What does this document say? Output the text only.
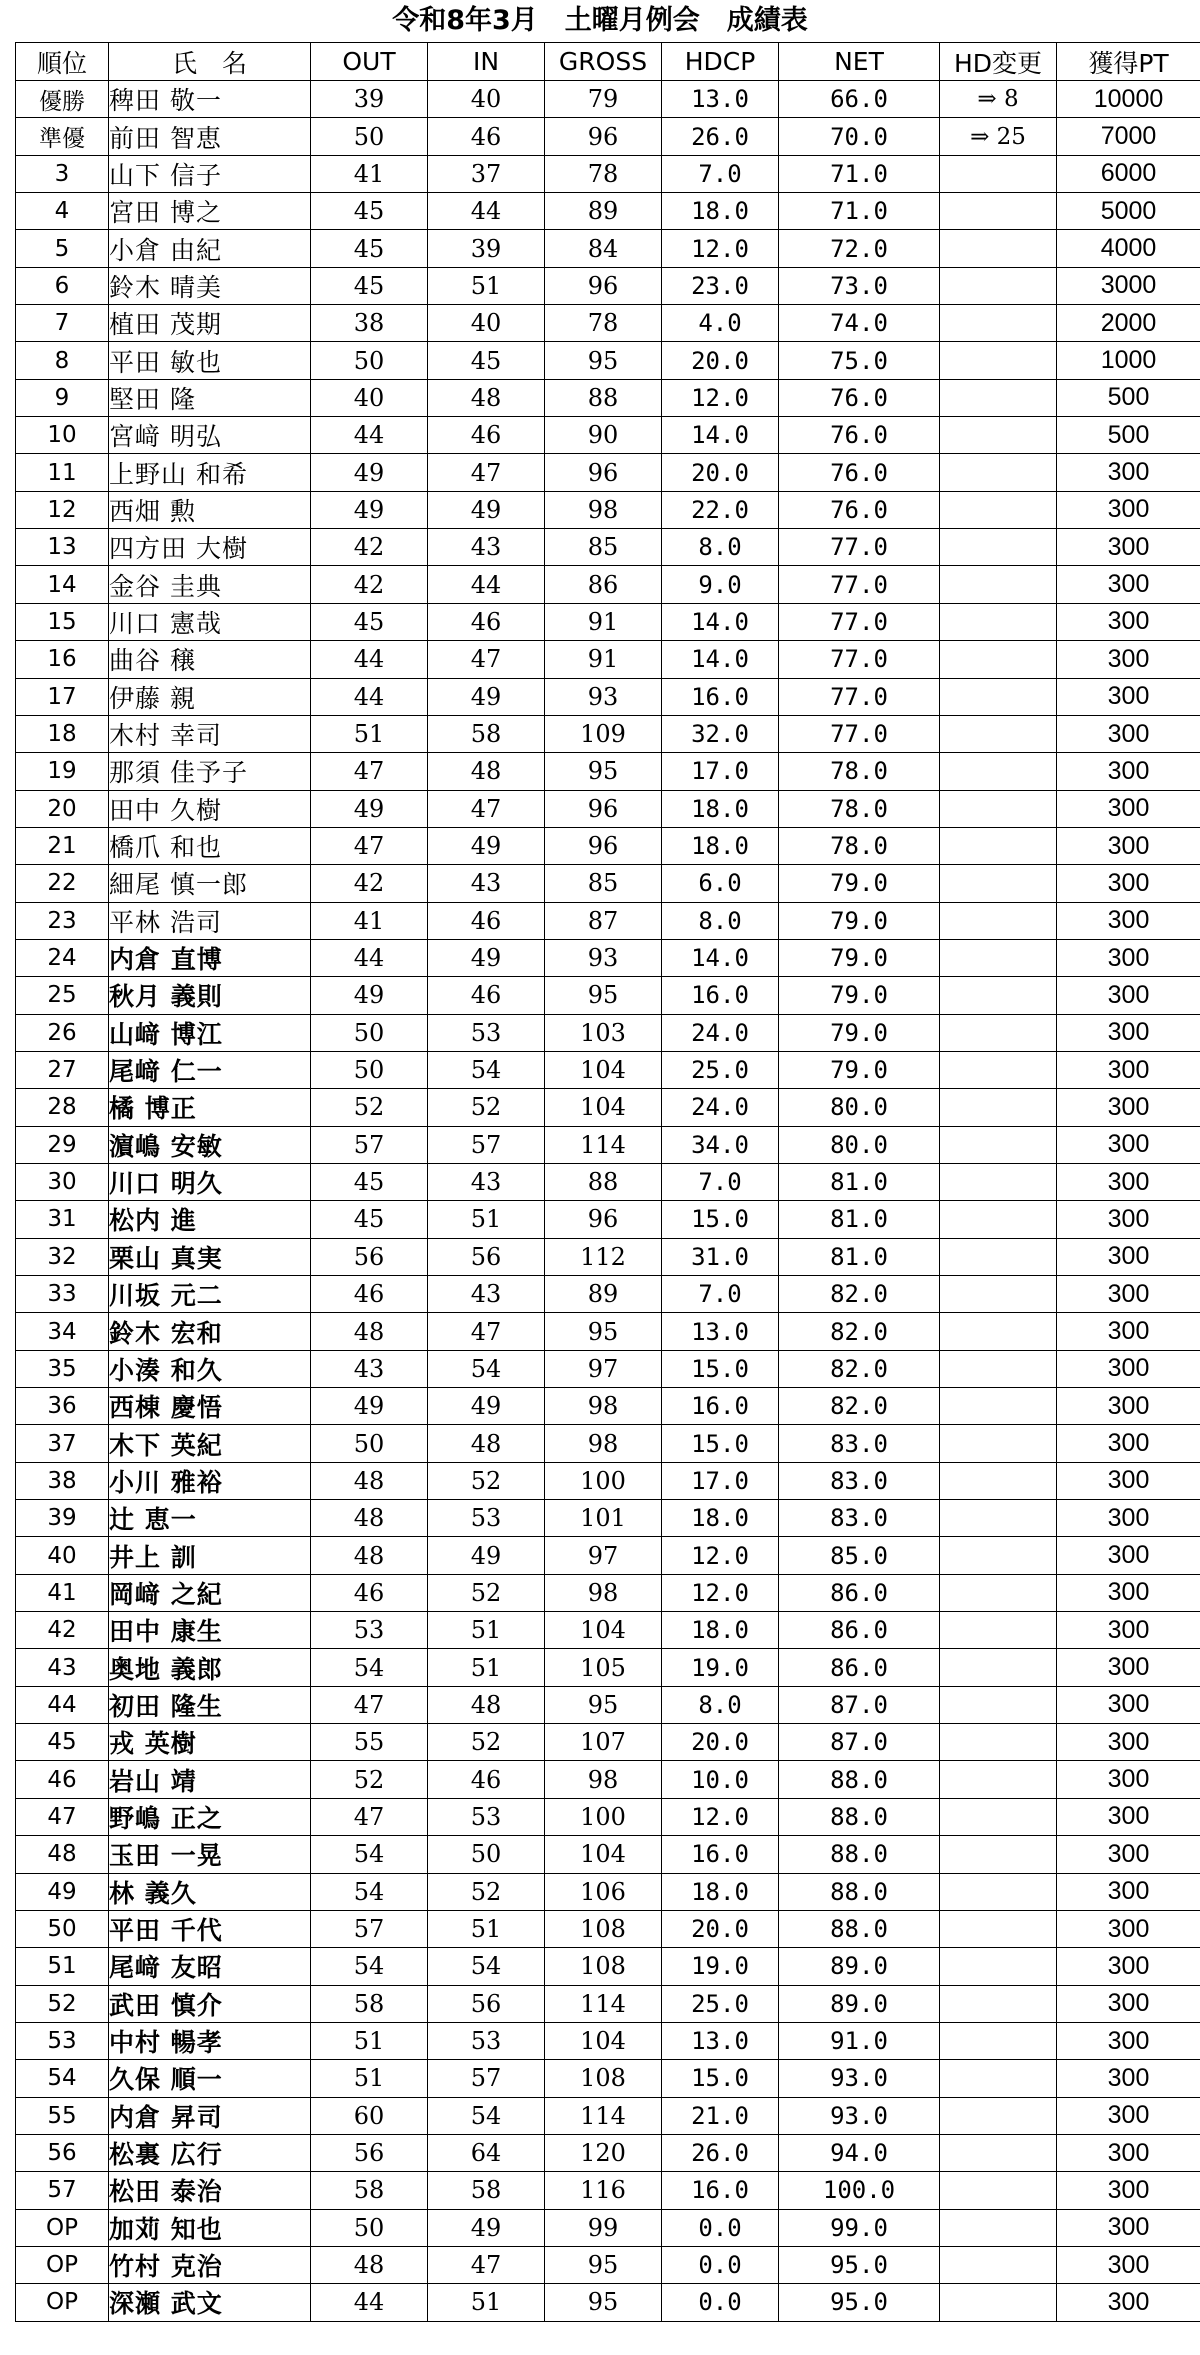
令和8年3月　土曜月例会　成績表
順位	氏　名	OUT	IN	GROSS	HDCP	NET	HD変更	獲得PT
優勝	稗田 敬一	39	40	79	13.0	66.0	⇒ 8	10000
準優	前田 智恵	50	46	96	26.0	70.0	⇒ 25	7000
3	山下 信子	41	37	78	7.0	71.0		6000
4	宮田 博之	45	44	89	18.0	71.0		5000
5	小倉 由紀	45	39	84	12.0	72.0		4000
6	鈴木 晴美	45	51	96	23.0	73.0		3000
7	植田 茂期	38	40	78	4.0	74.0		2000
8	平田 敏也	50	45	95	20.0	75.0		1000
9	堅田 隆	40	48	88	12.0	76.0		500
10	宮﨑 明弘	44	46	90	14.0	76.0		500
11	上野山 和希	49	47	96	20.0	76.0		300
12	西畑 勲	49	49	98	22.0	76.0		300
13	四方田 大樹	42	43	85	8.0	77.0		300
14	金谷 圭典	42	44	86	9.0	77.0		300
15	川口 憲哉	45	46	91	14.0	77.0		300
16	曲谷 穣	44	47	91	14.0	77.0		300
17	伊藤 親	44	49	93	16.0	77.0		300
18	木村 幸司	51	58	109	32.0	77.0		300
19	那須 佳予子	47	48	95	17.0	78.0		300
20	田中 久樹	49	47	96	18.0	78.0		300
21	橋爪 和也	47	49	96	18.0	78.0		300
22	細尾 慎一郎	42	43	85	6.0	79.0		300
23	平林 浩司	41	46	87	8.0	79.0		300
24	内倉 直博	44	49	93	14.0	79.0		300
25	秋月 義則	49	46	95	16.0	79.0		300
26	山﨑 博江	50	53	103	24.0	79.0		300
27	尾﨑 仁一	50	54	104	25.0	79.0		300
28	橘 博正	52	52	104	24.0	80.0		300
29	濵嶋 安敏	57	57	114	34.0	80.0		300
30	川口 明久	45	43	88	7.0	81.0		300
31	松内 進	45	51	96	15.0	81.0		300
32	栗山 真実	56	56	112	31.0	81.0		300
33	川坂 元二	46	43	89	7.0	82.0		300
34	鈴木 宏和	48	47	95	13.0	82.0		300
35	小湊 和久	43	54	97	15.0	82.0		300
36	西棟 慶悟	49	49	98	16.0	82.0		300
37	木下 英紀	50	48	98	15.0	83.0		300
38	小川 雅裕	48	52	100	17.0	83.0		300
39	辻 恵一	48	53	101	18.0	83.0		300
40	井上 訓	48	49	97	12.0	85.0		300
41	岡﨑 之紀	46	52	98	12.0	86.0		300
42	田中 康生	53	51	104	18.0	86.0		300
43	奥地 義郎	54	51	105	19.0	86.0		300
44	初田 隆生	47	48	95	8.0	87.0		300
45	戎 英樹	55	52	107	20.0	87.0		300
46	岩山 靖	52	46	98	10.0	88.0		300
47	野嶋 正之	47	53	100	12.0	88.0		300
48	玉田 一晃	54	50	104	16.0	88.0		300
49	林 義久	54	52	106	18.0	88.0		300
50	平田 千代	57	51	108	20.0	88.0		300
51	尾﨑 友昭	54	54	108	19.0	89.0		300
52	武田 慎介	58	56	114	25.0	89.0		300
53	中村 暢孝	51	53	104	13.0	91.0		300
54	久保 順一	51	57	108	15.0	93.0		300
55	内倉 昇司	60	54	114	21.0	93.0		300
56	松裏 広行	56	64	120	26.0	94.0		300
57	松田 泰治	58	58	116	16.0	100.0		300
OP	加苅 知也	50	49	99	0.0	99.0		300
OP	竹村 克治	48	47	95	0.0	95.0		300
OP	深瀬 武文	44	51	95	0.0	95.0		300
